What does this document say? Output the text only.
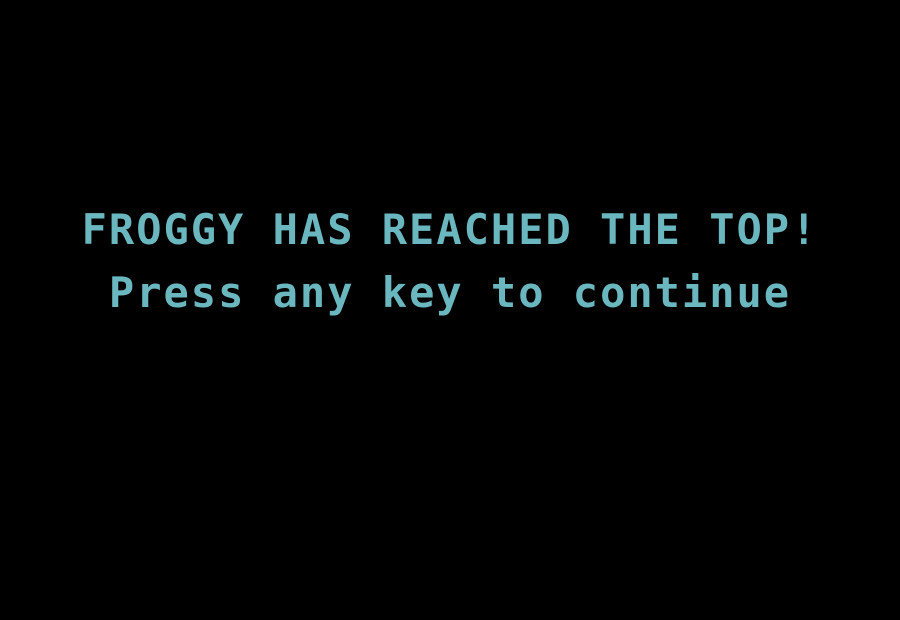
FROGGY HAS REACHED THE TOP!
Press any key to continue
